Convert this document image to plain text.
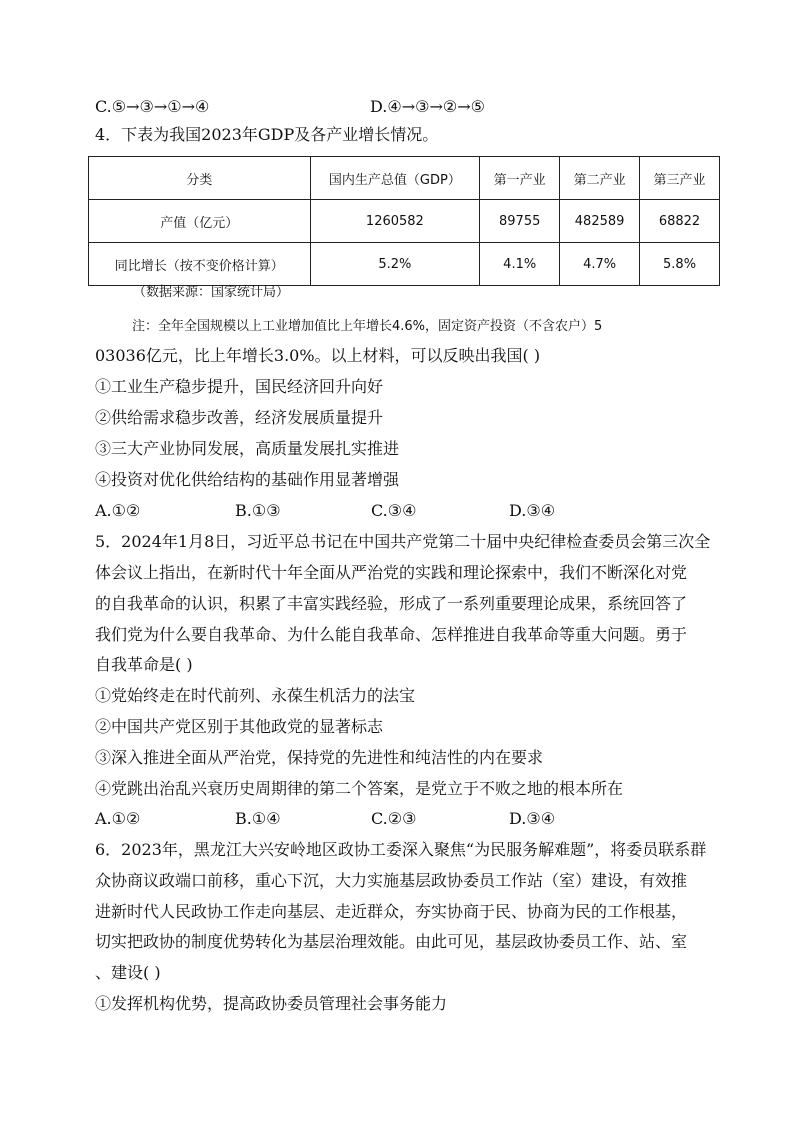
C.⑤→③→①→④	D.④→③→②→⑤
4．下表为我国2023年GDP及各产业增长情况。
分类	国内生产总值（GDP）	第一产业	第二产业	第三产业
产值（亿元）	1260582	89755	482589	68822
同比增长（按不变价格计算）	5.2%	4.1%	4.7%	5.8%
（数据来源：国家统计局）
注：全年全国规模以上工业增加值比上年增长4.6%，固定资产投资（不含农户）5
03036亿元，比上年增长3.0%。以上材料，可以反映出我国( )
①工业生产稳步提升，国民经济回升向好
②供给需求稳步改善，经济发展质量提升
③三大产业协同发展，高质量发展扎实推进
④投资对优化供给结构的基础作用显著增强
A.①②	B.①③	C.③④	D.③④
5．2024年1月8日，习近平总书记在中国共产党第二十届中央纪律检查委员会第三次全
体会议上指出，在新时代十年全面从严治党的实践和理论探索中，我们不断深化对党
的自我革命的认识，积累了丰富实践经验，形成了一系列重要理论成果，系统回答了
我们党为什么要自我革命、为什么能自我革命、怎样推进自我革命等重大问题。勇于
自我革命是( )
①党始终走在时代前列、永葆生机活力的法宝
②中国共产党区别于其他政党的显著标志
③深入推进全面从严治党，保持党的先进性和纯洁性的内在要求
④党跳出治乱兴衰历史周期律的第二个答案，是党立于不败之地的根本所在
A.①②	B.①④	C.②③	D.③④
6．2023年，黑龙江大兴安岭地区政协工委深入聚焦“为民服务解难题”，将委员联系群
众协商议政端口前移，重心下沉，大力实施基层政协委员工作站（室）建设，有效推
进新时代人民政协工作走向基层、走近群众，夯实协商于民、协商为民的工作根基，
切实把政协的制度优势转化为基层治理效能。由此可见，基层政协委员工作、站、室
、建设( )
①发挥机构优势，提高政协委员管理社会事务能力
